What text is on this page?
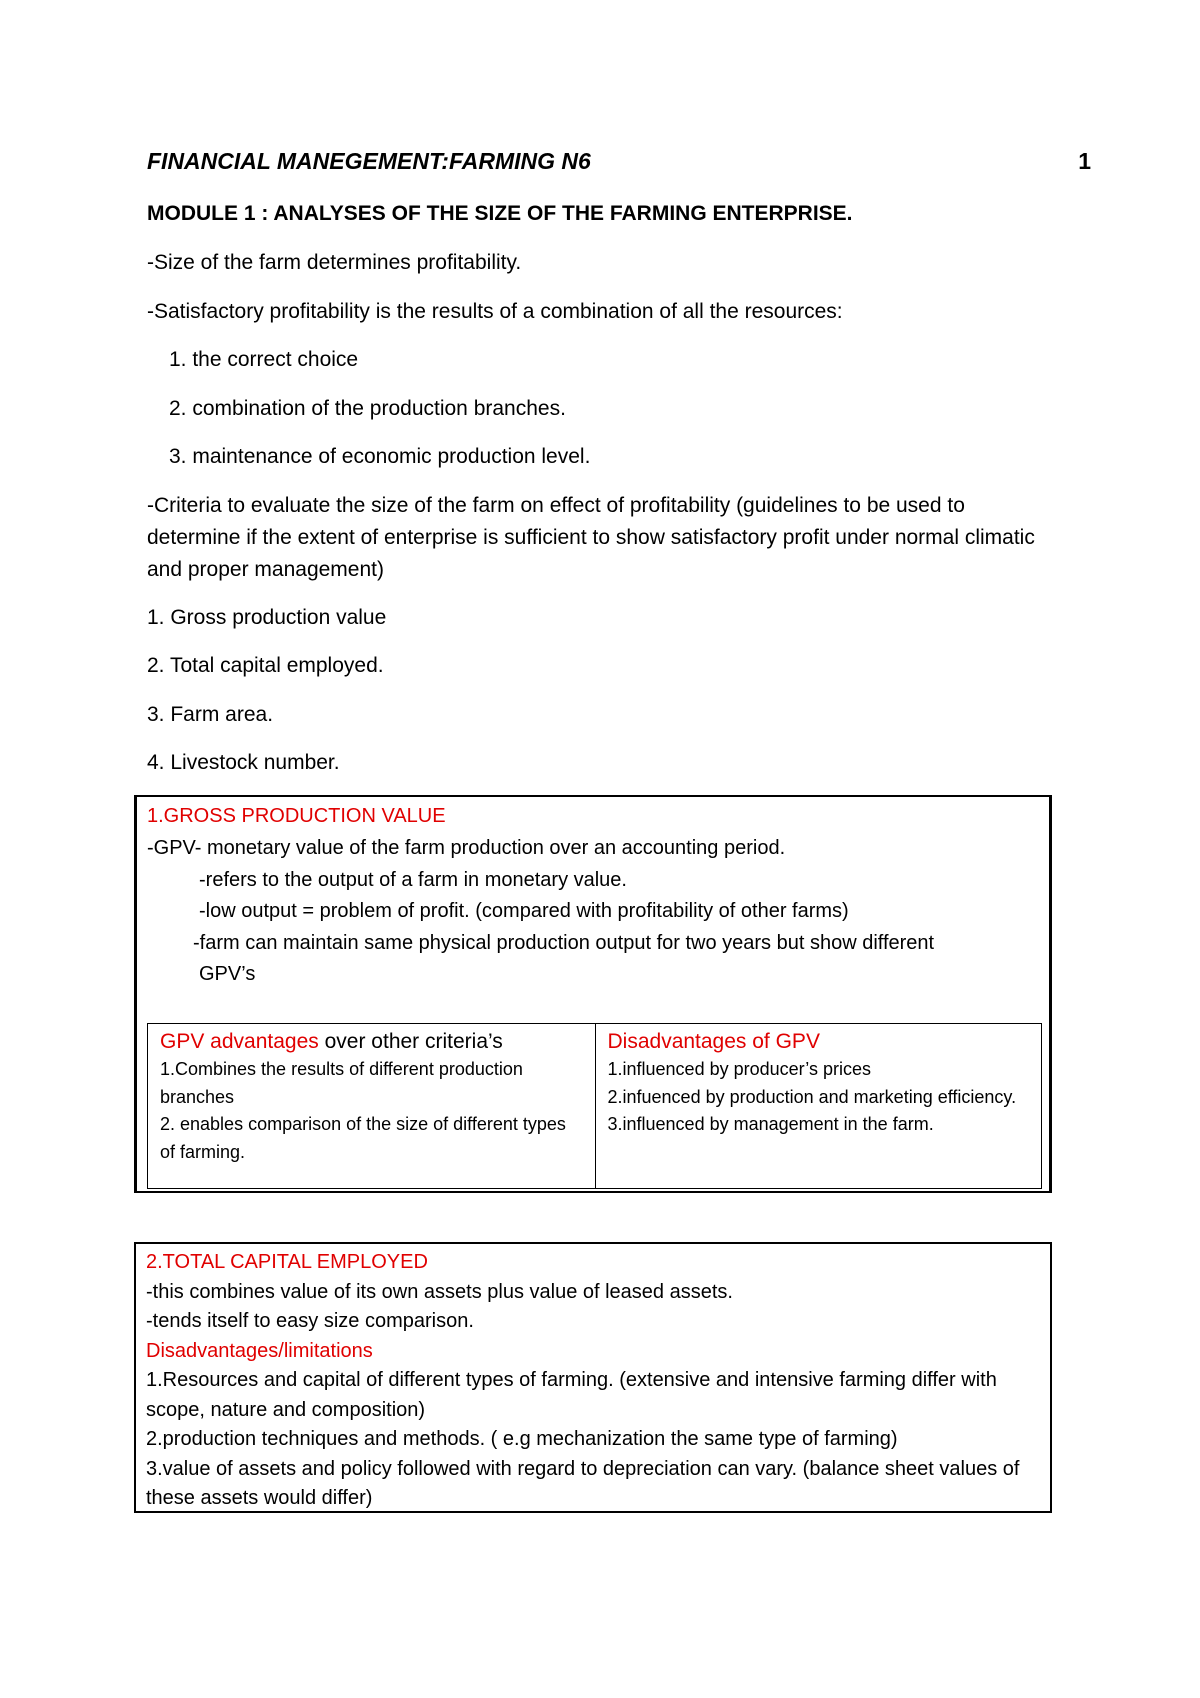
FINANCIAL MANEGEMENT:FARMING N6	1
MODULE 1 : ANALYSES OF THE SIZE OF THE FARMING ENTERPRISE.
-Size of the farm determines profitability.
-Satisfactory profitability is the results of a combination of all the resources:
1. the correct choice
2. combination of the production branches.
3. maintenance of economic production level.
-Criteria to evaluate the size of the farm on effect of profitability (guidelines to be used to determine if the extent of enterprise is sufficient to show satisfactory profit under normal climatic and proper management)
1. Gross production value
2. Total capital employed.
3. Farm area.
4. Livestock number.
1.GROSS PRODUCTION VALUE
-GPV- monetary value of the farm production over an accounting period.
-refers to the output of a farm in monetary value.
-low output = problem of profit. (compared with profitability of other farms)
-farm can maintain same physical production output for two years but show different
GPV’s
GPV advantages over other criteria’s
1.Combines the results of different production branches
2. enables comparison of the size of different types of farming.
Disadvantages of GPV
1.influenced by producer’s prices
2.infuenced by production and marketing efficiency.
3.influenced by management in the farm.
2.TOTAL CAPITAL EMPLOYED
-this combines value of its own assets plus value of leased assets.
-tends itself to easy size comparison.
Disadvantages/limitations
1.Resources and capital of different types of farming. (extensive and intensive farming differ with scope, nature and composition)
2.production techniques and methods. ( e.g mechanization the same type of farming)
3.value of assets and policy followed with regard to depreciation can vary. (balance sheet values of these assets would differ)
